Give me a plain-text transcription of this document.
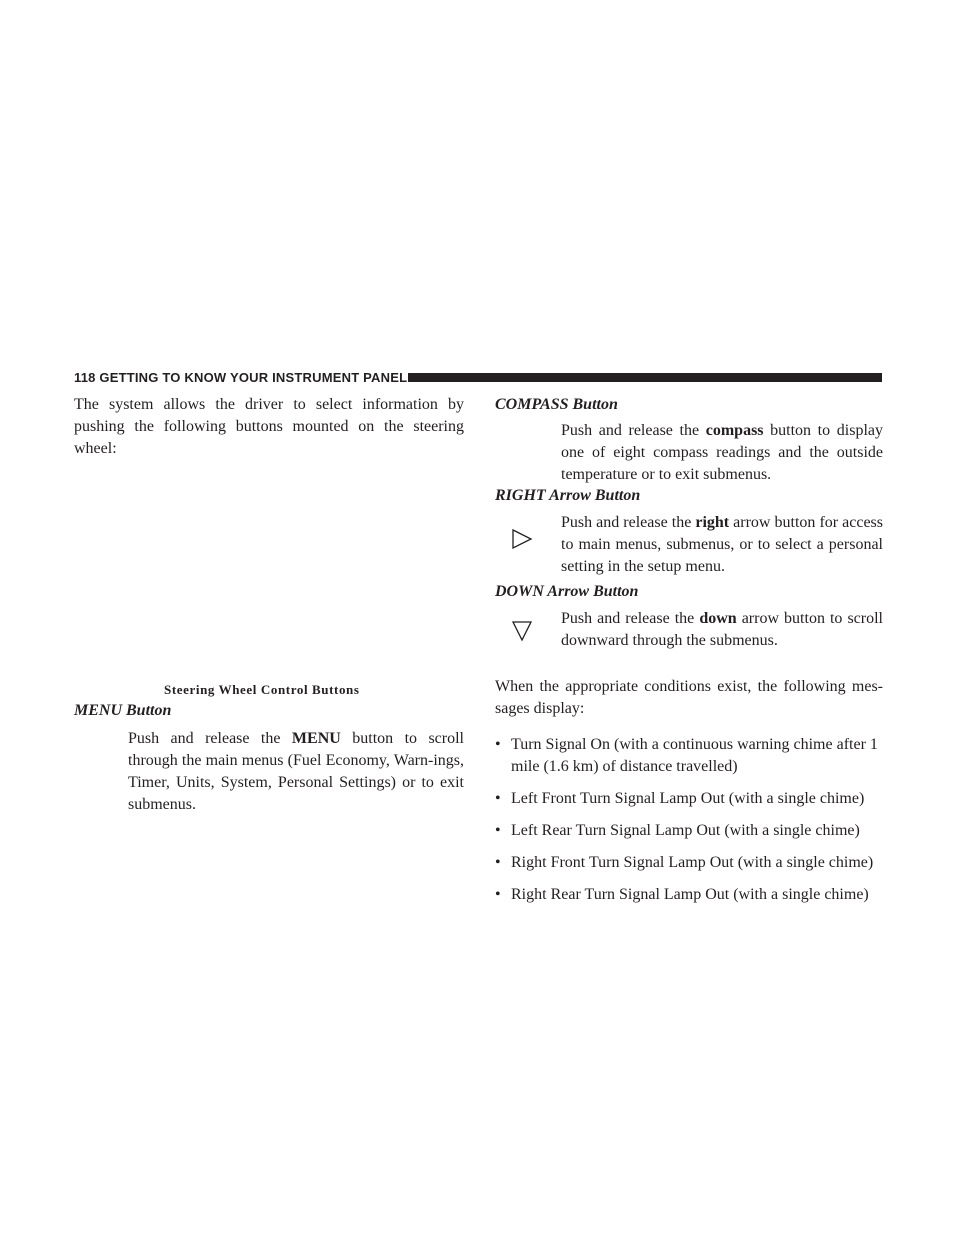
118 GETTING TO KNOW YOUR INSTRUMENT PANEL

The system allows the driver to select information by pushing the following buttons mounted on the steering wheel:

Steering Wheel Control Buttons
MENU Button

Push and release the MENU button to scroll through the main menus (Fuel Economy, Warn-ings, Timer, Units, System, Personal Settings) or to exit submenus.

COMPASS Button

Push and release the compass button to display one of eight compass readings and the outside temperature or to exit submenus.

RIGHT Arrow Button

Push and release the right arrow button for access to main menus, submenus, or to select a personal setting in the setup menu.

DOWN Arrow Button

Push and release the down arrow button to scroll downward through the submenus.

When the appropriate conditions exist, the following mes-sages display:

• Turn Signal On (with a continuous warning chime after 1 mile (1.6 km) of distance travelled)
• Left Front Turn Signal Lamp Out (with a single chime)
• Left Rear Turn Signal Lamp Out (with a single chime)
• Right Front Turn Signal Lamp Out (with a single chime)
• Right Rear Turn Signal Lamp Out (with a single chime)
